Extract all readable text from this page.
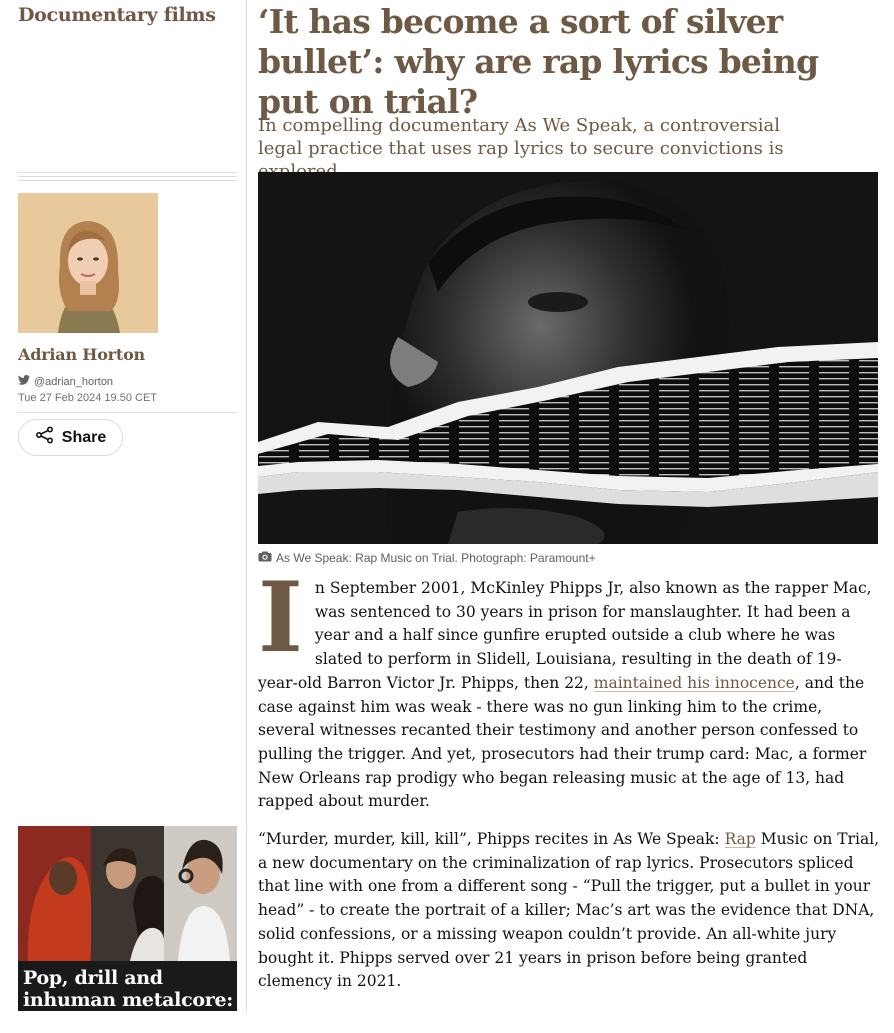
Documentary films
Adrian Horton
@adrian_horton
Tue 27 Feb 2024 19.50 CET
Share
Pop, drill and inhuman metalcore: new music
‘It has become a sort of silver bullet’: why are rap lyrics being put on trial?

In compelling documentary As We Speak, a controversial legal practice that uses rap lyrics to secure convictions is

As We Speak: Rap Music on Trial. Photograph: Paramount+

In September 2001, McKinley Phipps Jr, also known as the rapper Mac, was sentenced to 30 years in prison for manslaughter. It had been a year and a half since gunfire erupted outside a club where he was slated to perform in Slidell, Louisiana, resulting in the death of 19-year-old Barron Victor Jr. Phipps, then 22, maintained his innocence, and the case against him was weak - there was no gun linking him to the crime, several witnesses recanted their testimony and another person confessed to pulling the trigger. And yet, prosecutors had their trump card: Mac, a former New Orleans rap prodigy who began releasing music at the age of 13, had rapped about murder.

“Murder, murder, kill, kill”, Phipps recites in As We Speak: Rap Music on Trial, a new documentary on the criminalization of rap lyrics. Prosecutors spliced that line with one from a different song - “Pull the trigger, put a bullet in your head” - to create the portrait of a killer; Mac’s art was the evidence that DNA, solid confessions, or a missing weapon couldn’t provide. An all-white jury bought it. Phipps served over 21 years in prison before being granted clemency in 2021.
